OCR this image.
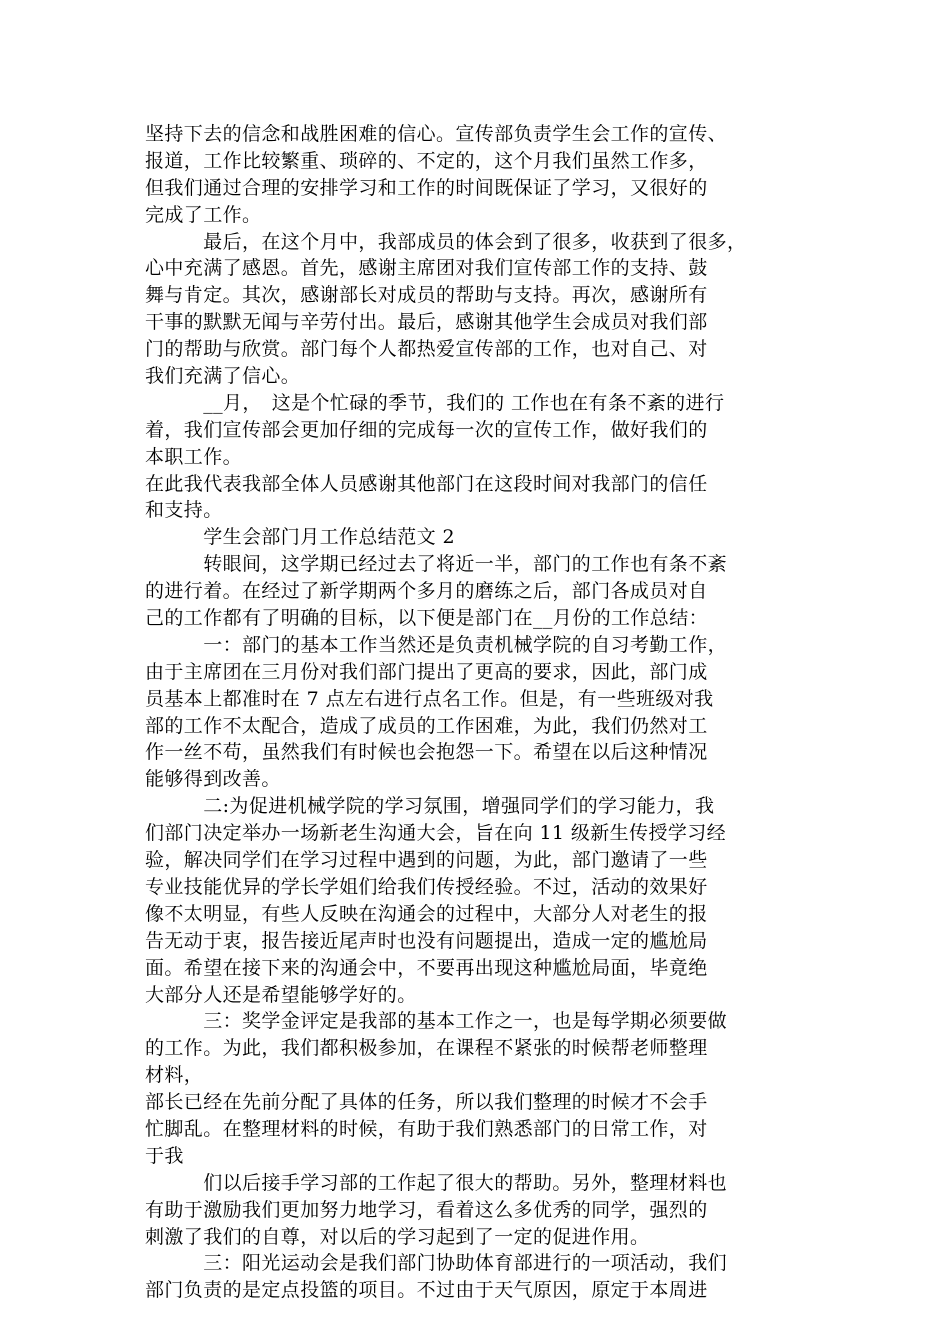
坚持下去的信念和战胜困难的信心。宣传部负责学生会工作的宣传、
报道，工作比较繁重、琐碎的、不定的，这个月我们虽然工作多，
但我们通过合理的安排学习和工作的时间既保证了学习，又很好的
完成了工作。
　　　最后，在这个月中，我部成员的体会到了很多，收获到了很多，
心中充满了感恩。首先，感谢主席团对我们宣传部工作的支持、鼓
舞与肯定。其次，感谢部长对成员的帮助与支持。再次，感谢所有
干事的默默无闻与辛劳付出。最后，感谢其他学生会成员对我们部
门的帮助与欣赏。部门每个人都热爱宣传部的工作，也对自己、对
我们充满了信心。
　　　__月，　这是个忙碌的季节，我们的 工作也在有条不紊的进行
着，我们宣传部会更加仔细的完成每一次的宣传工作，做好我们的
本职工作。
在此我代表我部全体人员感谢其他部门在这段时间对我部门的信任
和支持。
　　　学生会部门月工作总结范文 2
　　　转眼间，这学期已经过去了将近一半，部门的工作也有条不紊
的进行着。在经过了新学期两个多月的磨练之后，部门各成员对自
己的工作都有了明确的目标，以下便是部门在__月份的工作总结：
　　　一：部门的基本工作当然还是负责机械学院的自习考勤工作，
由于主席团在三月份对我们部门提出了更高的要求，因此，部门成
员基本上都准时在 7 点左右进行点名工作。但是，有一些班级对我
部的工作不太配合，造成了成员的工作困难，为此，我们仍然对工
作一丝不苟，虽然我们有时候也会抱怨一下。希望在以后这种情况
能够得到改善。
　　　二:为促进机械学院的学习氛围，增强同学们的学习能力，我
们部门决定举办一场新老生沟通大会，旨在向 11 级新生传授学习经
验，解决同学们在学习过程中遇到的问题，为此，部门邀请了一些
专业技能优异的学长学姐们给我们传授经验。不过，活动的效果好
像不太明显，有些人反映在沟通会的过程中，大部分人对老生的报
告无动于衷，报告接近尾声时也没有问题提出，造成一定的尴尬局
面。希望在接下来的沟通会中，不要再出现这种尴尬局面，毕竟绝
大部分人还是希望能够学好的。
　　　三：奖学金评定是我部的基本工作之一，也是每学期必须要做
的工作。为此，我们都积极参加，在课程不紧张的时候帮老师整理
材料，
部长已经在先前分配了具体的任务，所以我们整理的时候才不会手
忙脚乱。在整理材料的时候，有助于我们熟悉部门的日常工作，对
于我
　　　们以后接手学习部的工作起了很大的帮助。另外，整理材料也
有助于激励我们更加努力地学习，看着这么多优秀的同学，强烈的
刺激了我们的自尊，对以后的学习起到了一定的促进作用。
　　　三：阳光运动会是我们部门协助体育部进行的一项活动，我们
部门负责的是定点投篮的项目。不过由于天气原因，原定于本周进
